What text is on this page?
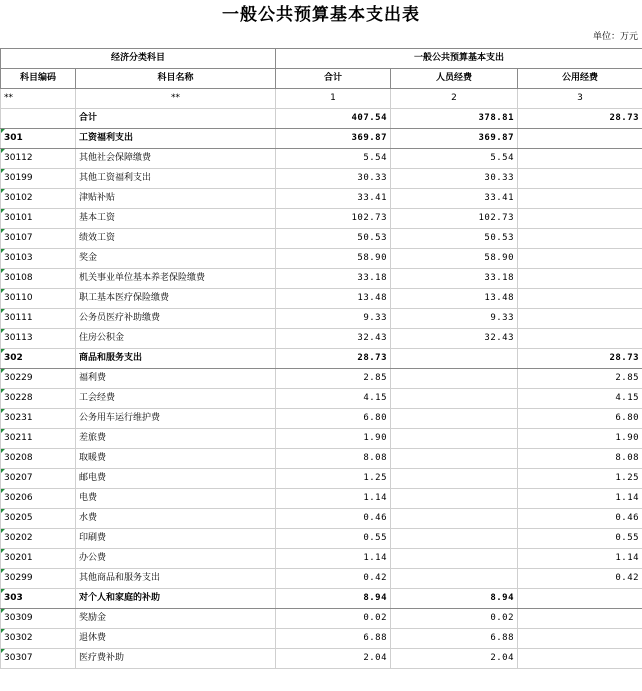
一般公共预算基本支出表
单位：万元
经济分类科目		一般公共预算基本支出		
科目编码	科目名称	合计	人员经费	公用经费
**	**	1	2	3
	合计	407.54	378.81	28.73
301	工资福利支出	369.87	369.87	
30112	其他社会保障缴费	5.54	5.54	
30199	其他工资福利支出	30.33	30.33	
30102	津贴补贴	33.41	33.41	
30101	基本工资	102.73	102.73	
30107	绩效工资	50.53	50.53	
30103	奖金	58.90	58.90	
30108	机关事业单位基本养老保险缴费	33.18	33.18	
30110	职工基本医疗保险缴费	13.48	13.48	
30111	公务员医疗补助缴费	9.33	9.33	
30113	住房公积金	32.43	32.43	
302	商品和服务支出	28.73		28.73
30229	福利费	2.85		2.85
30228	工会经费	4.15		4.15
30231	公务用车运行维护费	6.80		6.80
30211	差旅费	1.90		1.90
30208	取暖费	8.08		8.08
30207	邮电费	1.25		1.25
30206	电费	1.14		1.14
30205	水费	0.46		0.46
30202	印刷费	0.55		0.55
30201	办公费	1.14		1.14
30299	其他商品和服务支出	0.42		0.42
303	对个人和家庭的补助	8.94	8.94	
30309	奖励金	0.02	0.02	
30302	退休费	6.88	6.88	
30307	医疗费补助	2.04	2.04	
